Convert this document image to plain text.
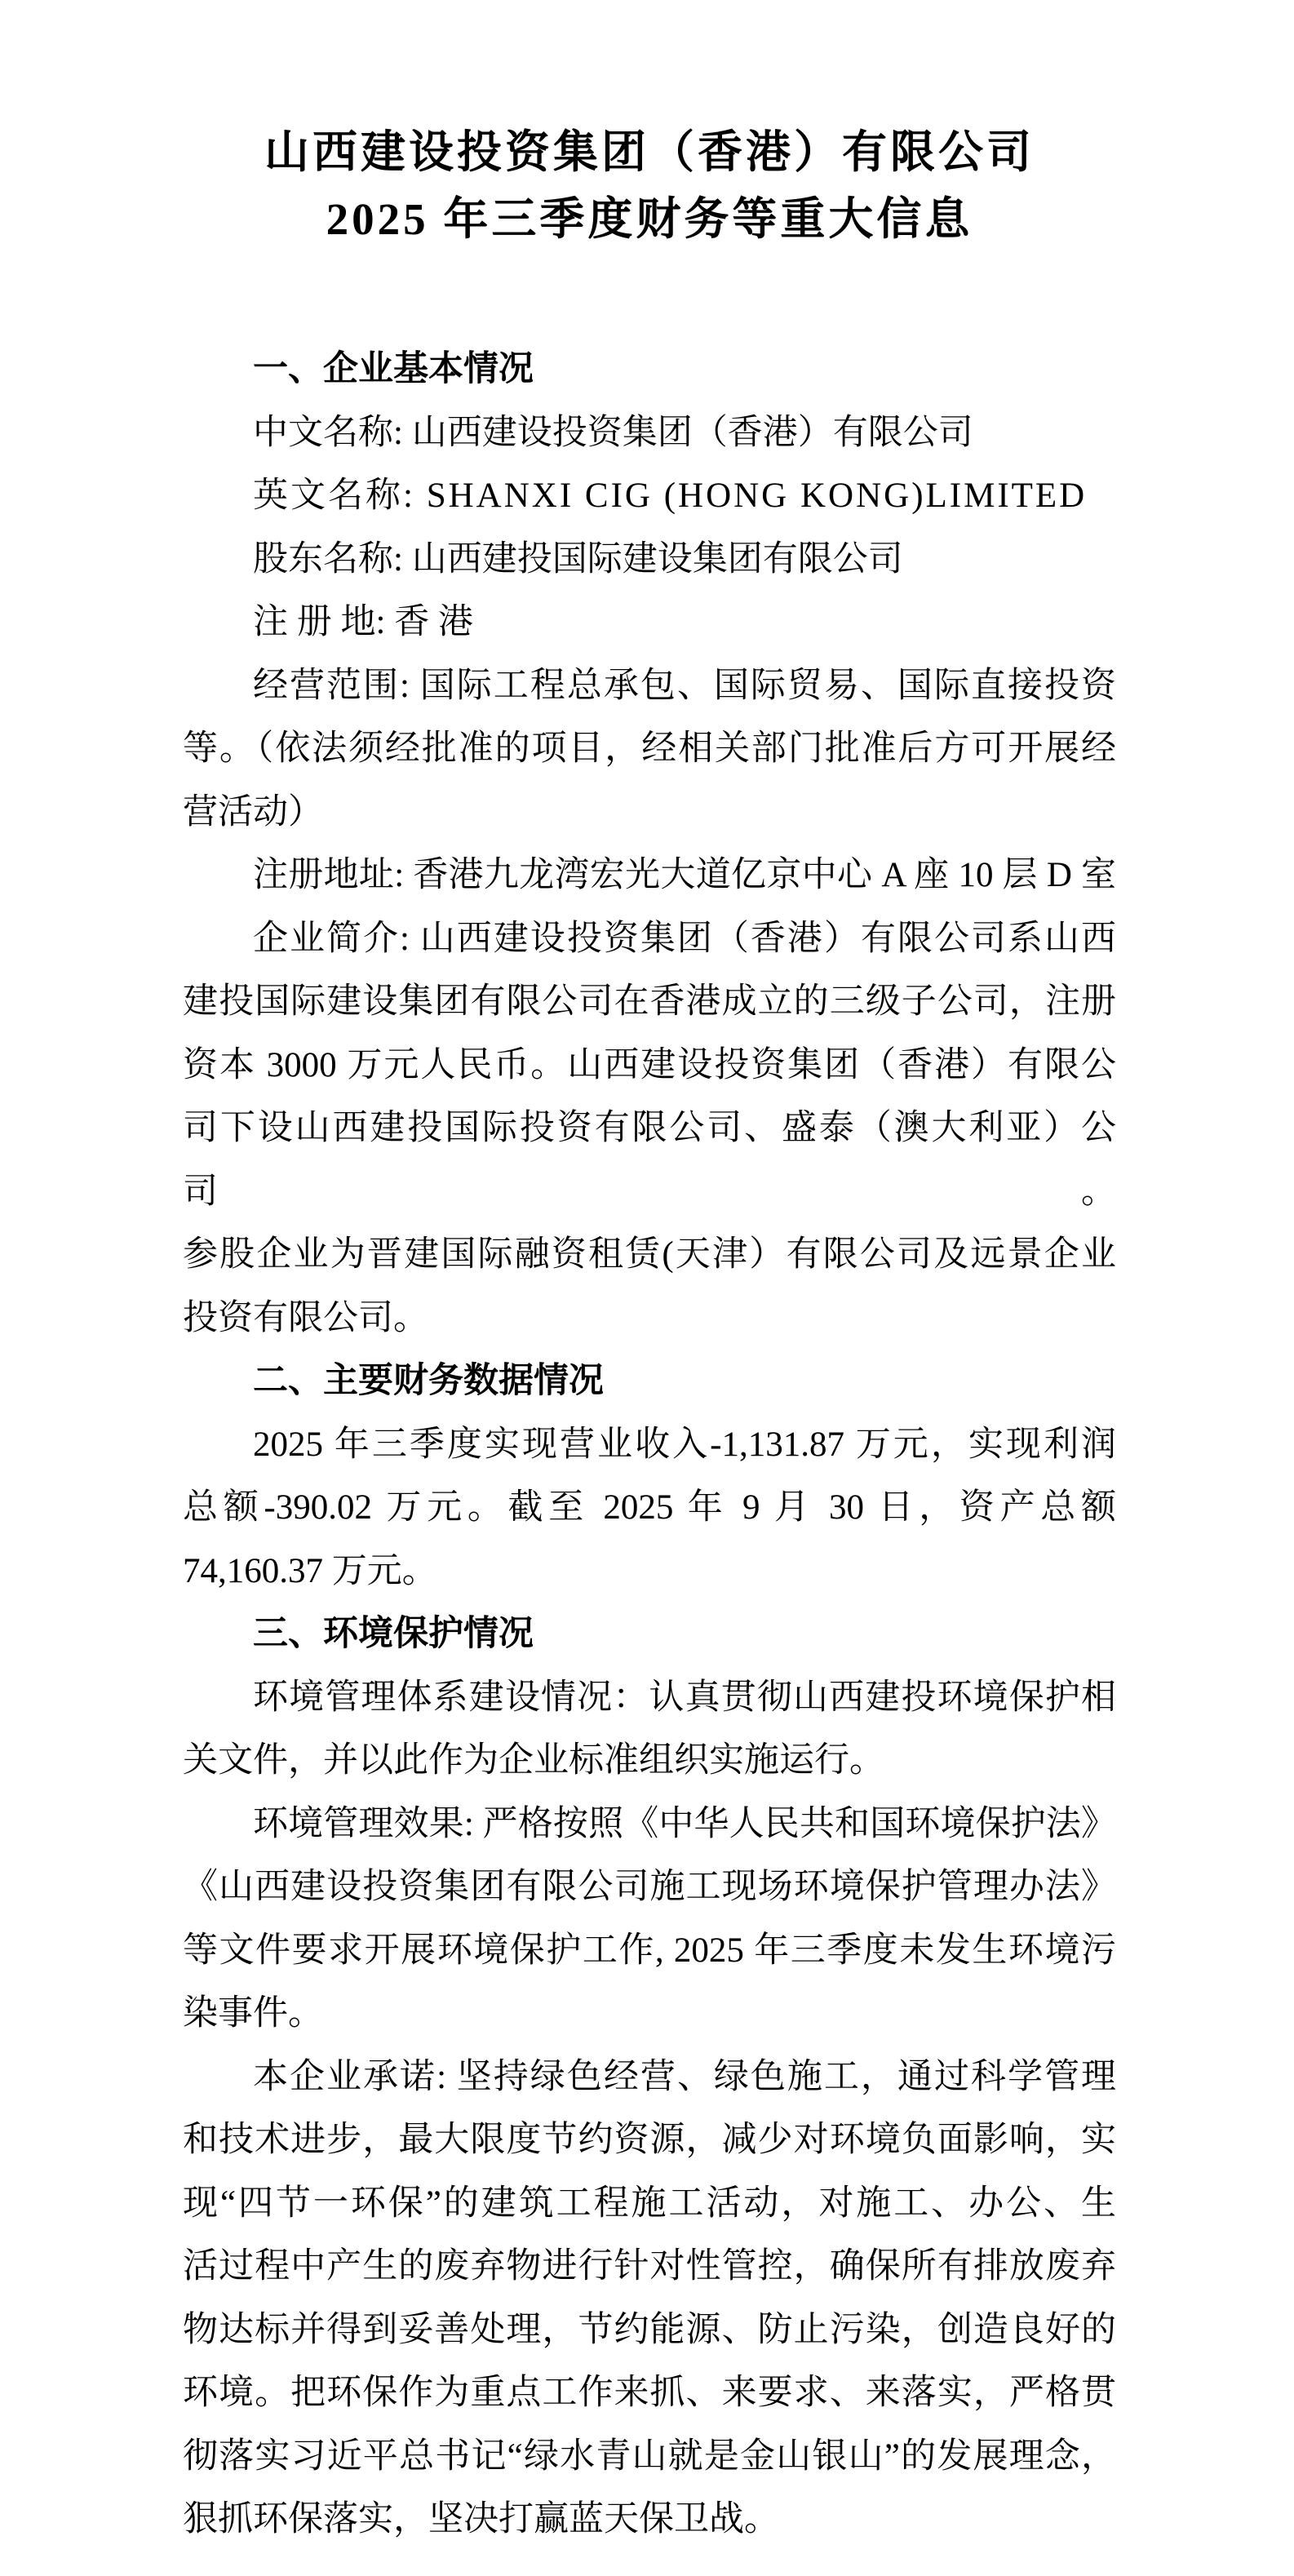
山西建设投资集团（香港）有限公司
2025 年三季度财务等重大信息
一、企业基本情况
中文名称: 山西建设投资集团（香港）有限公司
英文名称: SHANXI CIG (HONG KONG)LIMITED
股东名称: 山西建投国际建设集团有限公司
注 册 地: 香 港
经营范围: 国际工程总承包、国际贸易、国际直接投资
等。（依法须经批准的项目，经相关部门批准后方可开展经
营活动）
注册地址: 香港九龙湾宏光大道亿京中心 A 座 10 层 D 室
企业简介: 山西建设投资集团（香港）有限公司系山西
建投国际建设集团有限公司在香港成立的三级子公司，注册
资本 3000 万元人民币。山西建设投资集团（香港）有限公
司下设山西建投国际投资有限公司、盛泰（澳大利亚）公司。
参股企业为晋建国际融资租赁(天津）有限公司及远景企业
投资有限公司。
二、主要财务数据情况
2025 年三季度实现营业收入-1,131.87 万元，实现利润
总额-390.02 万元。截至 2025 年 9 月 30 日，资产总额
74,160.37 万元。
三、环境保护情况
环境管理体系建设情况：认真贯彻山西建投环境保护相
关文件，并以此作为企业标准组织实施运行。
环境管理效果: 严格按照《中华人民共和国环境保护法》
《山西建设投资集团有限公司施工现场环境保护管理办法》
等文件要求开展环境保护工作, 2025 年三季度未发生环境污
染事件。
本企业承诺: 坚持绿色经营、绿色施工，通过科学管理
和技术进步，最大限度节约资源，减少对环境负面影响，实
现“四节一环保”的建筑工程施工活动，对施工、办公、生
活过程中产生的废弃物进行针对性管控，确保所有排放废弃
物达标并得到妥善处理，节约能源、防止污染，创造良好的
环境。把环保作为重点工作来抓、来要求、来落实，严格贯
彻落实习近平总书记“绿水青山就是金山银山”的发展理念，
狠抓环保落实，坚决打赢蓝天保卫战。
